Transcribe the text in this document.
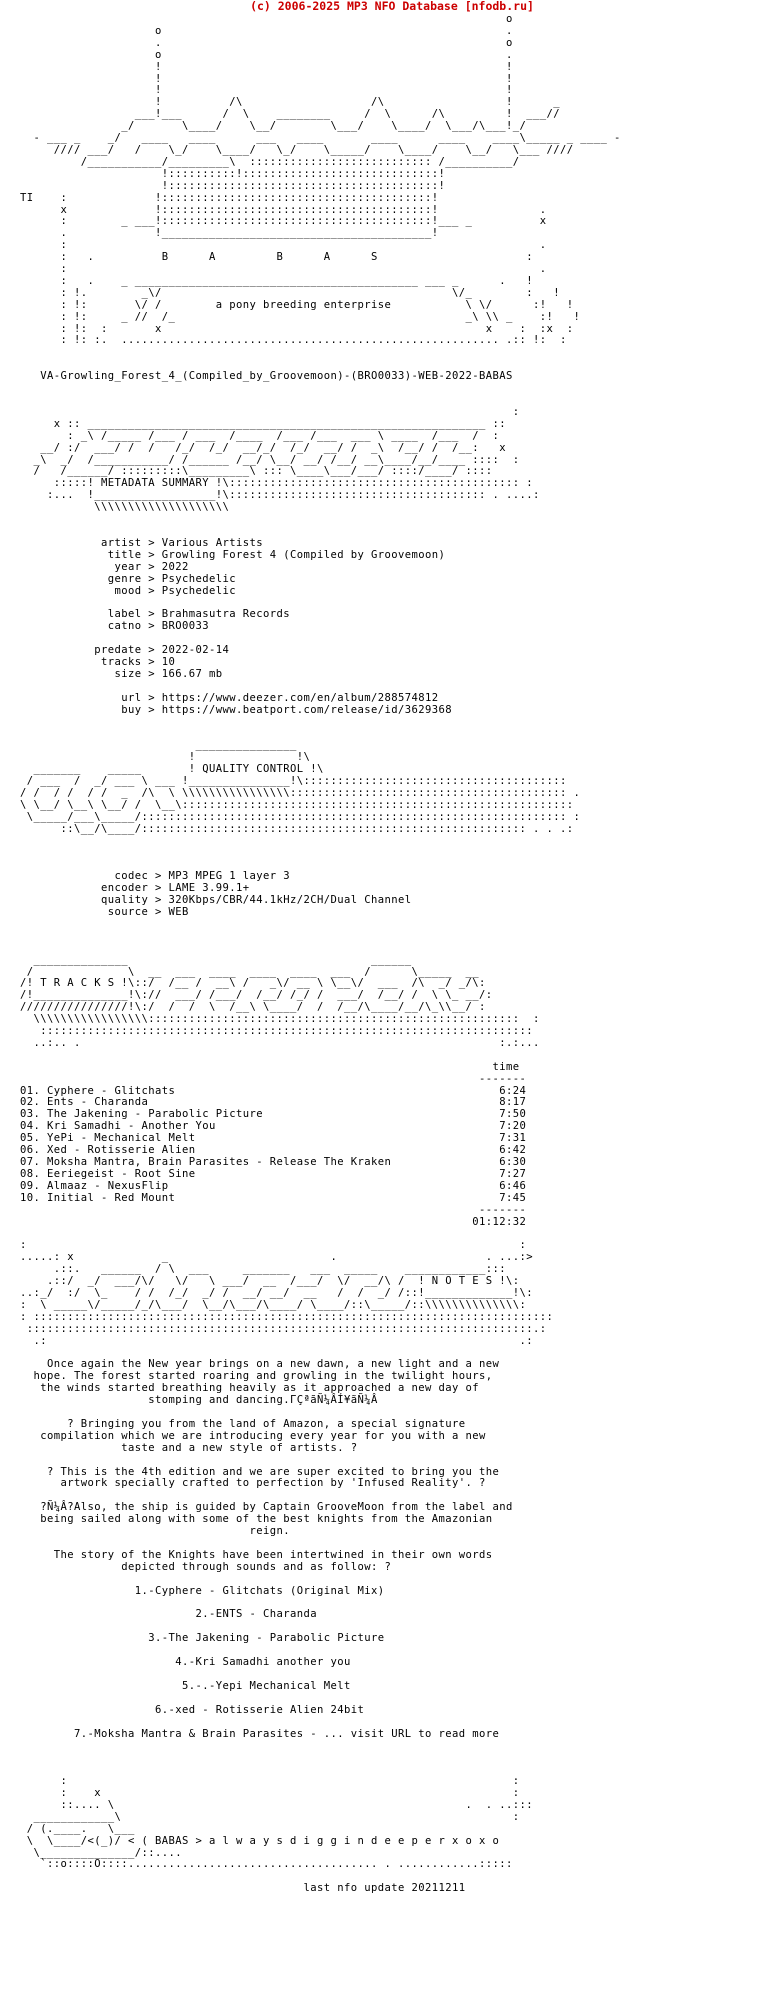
(c) 2006-2025 MP3 NFO Database [nfodb.ru]
o
o                                                   .
.                                                   o
o                                                   .
!                                                   !
!                                                   !
!                                                   !
!          /\                   /\                  !      _
___!___      /  \    ________     /  \      /\         !  ___//
_/       \____/    \__/        \___/    \____/  \___/\___!_/
- ___ _    _/   ____   ____      ___   ____       ____      ____    ____\_____ _ ____ -
//// ___/   /    \_/    \____/   \_/    \_____/    \____/    \__/   \___ ////
/___________/_________\  ::::::::::::::::::::::::::: /__________/
!::::::::::!:::::::::::::::::::::::::::::!
!::::::::::::::::::::::::::::::::::::::::!
TI    :             !::::::::::::::::::::::::::::::::::::::::!
x             !::::::::::::::::::::::::::::::::::::::::!               .
:        _ ___!::::::::::::::::::::::::::::::::::::::::!___ _          x
.             !________________________________________!
:                                                                      .
:   .          B      A         B      A      S                      :
:                                                                      .
:   .    _ __________________________________________ ___ _      .   !
: !.        _\/                                           \/_        :   !
: !:       \/ /        a pony breeding enterprise           \ \/      :!   !
: !:     _ //  /_                                           _\ \\ _    :!   !
: !:  :       x                                                x    :  :x  :
: !: :.  ........................................................ .:: !:  :

VA-Growling_Forest_4_(Compiled_by_Groovemoon)-(BRO0033)-WEB-2022-BABAS

:
x :: ___________________________________________________________ ::
: _\ /_____ /___ / ___  /____  /___ /___  ___ \ ____  /___  /  :
__/ :/  ___/ /  /   /_/  /_/  __/_/  /_/  __/ /  _\  /__/ /  /__:   x
_\  _/  /___________/ /______ /__/ \__/ __/ /__/ __\____/__/____ ::::  :
/   /______/ :::::::::\_________\ ::: \____\___/___/ ::::/____/ ::::
:::::! METADATA SUMMARY !\::::::::::::::::::::::::::::::::::::::::::: :
:...  !__________________!\:::::::::::::::::::::::::::::::::::::: . ....:
\\\\\\\\\\\\\\\\\\\\

artist > Various Artists
title > Growling Forest 4 (Compiled by Groovemoon)
year > 2022
genre > Psychedelic
mood > Psychedelic

label > Brahmasutra Records
catno > BRO0033

predate > 2022-02-14
tracks > 10
size > 166.67 mb

url > https://www.deezer.com/en/album/288574812
buy > https://www.beatport.com/release/id/3629368

_______________
!               !\
_______    _____       ! QUALITY CONTROL !\
/ ___  /  _/ ___ \ ___ !_______________!\:::::::::::::::::::::::::::::::::::::::
/ /  / /  / /  _  /\  \ \\\\\\\\\\\\\\\\::::::::::::::::::::::::::::::::::::::::: .
\ \__/ \__\ \__/ /  \__\::::::::::::::::::::::::::::::::::::::::::::::::::::::::::
\_____/___\_____/::::::::::::::::::::::::::::::::::::::::::::::::::::::::::::::: :
::\__/\____/::::::::::::::::::::::::::::::::::::::::::::::::::::::::: . . .:

codec > MP3 MPEG 1 layer 3
encoder > LAME 3.99.1+
quality > 320Kbps/CBR/44.1kHz/2CH/Dual Channel
source > WEB

______________                                    ______
/              \  __  ___  ____  ____  ____  ___  /      \_____  __
/! T R A C K S !\::/  /__ /  __\ /   _\/ __ \ \__\/  ___  /\  _/ _/\:
/!______________!\://  ___/ /___/  /__/ /_/ /  ___/  /__/ /  \ \_ __/:
////////////////!\:/  /  /  \  /__\ \____/  /  /__/\____/__/\_\\__/ :
\\\\\\\\\\\\\\\\\:::::::::::::::::::::::::::::::::::::::::::::::::::::::  :
:::::::::::::::::::::::::::::::::::::::::::::::::::::::::::::::::::::::::
..:.. .                                                              :.:...

time
-------
01. Cyphere - Glitchats                                                6:24
02. Ents - Charanda                                                    8:17
03. The Jakening - Parabolic Picture                                   7:50
04. Kri Samadhi - Another You                                          7:20
05. YePi - Mechanical Melt                                             7:31
06. Xed - Rotisserie Alien                                             6:42
07. Moksha Mantra, Brain Parasites - Release The Kraken                6:30
08. Eeriegeist - Root Sine                                             7:27
09. Almaaz - NexusFlip                                                 6:46
10. Initial - Red Mount                                                7:45
-------
01:12:32

:                                                                         :
.....: x             _                        .                      . ...:>
.::.   ______  / \  ___     _______   ___  _____    ____________:::
.::/  _/  ___/\/   \/   \ ___/  __  /___/  \/  __/\ /  ! N O T E S !\:
..:_/  :/  \_    / /  /_/  _/ /  __/ __/  __   /  /  _/ /::!_____________!\:
:  \ _____\/_____/_/\___/  \__/\___/\____/ \____/::\_____/::\\\\\\\\\\\\\\:
: :::::::::::::::::::::::::::::::::::::::::::::::::::::::::::::::::::::::::::::
:::::::::::::::::::::::::::::::::::::::::::::::::::::::::::::::::::::::::::.:
.:                                                                      .:

Once again the New year brings on a new dawn, a new light and a new
hope. The forest started roaring and growling in the twilight hours,
the winds started breathing heavily as it approached a new day of
stomping and dancing.ΓÇªãÑ¼ÂÍ¥ãÑ¼Â

? Bringing you from the land of Amazon, a special signature
compilation which we are introducing every year for you with a new
taste and a new style of artists. ?

? This is the 4th edition and we are super excited to bring you the
artwork specially crafted to perfection by 'Infused Reality'. ?

?Ñ¼Â?Also, the ship is guided by Captain GrooveMoon from the label and
being sailed along with some of the best knights from the Amazonian
reign.

The story of the Knights have been intertwined in their own words
depicted through sounds and as follow: ?

1.-Cyphere - Glitchats (Original Mix)

2.-ENTS - Charanda

3.-The Jakening - Parabolic Picture

4.-Kri Samadhi another you

5.-.-Yepi Mechanical Melt

6.-xed - Rotisserie Alien 24bit

7.-Moksha Mantra & Brain Parasites - ... visit URL to read more

:                                                                  :
:    x                                                             :
::.... \                                                    .  . ..:::
____________\                                                          :
/ (.____.   \___
\  \____/<(_)/ < ( BABAS > a l w a y s d i g g i n d e e p e r x o x o
\______________/::....
`::o::::O::::..................................... . ............:::::

last nfo update 20211211
